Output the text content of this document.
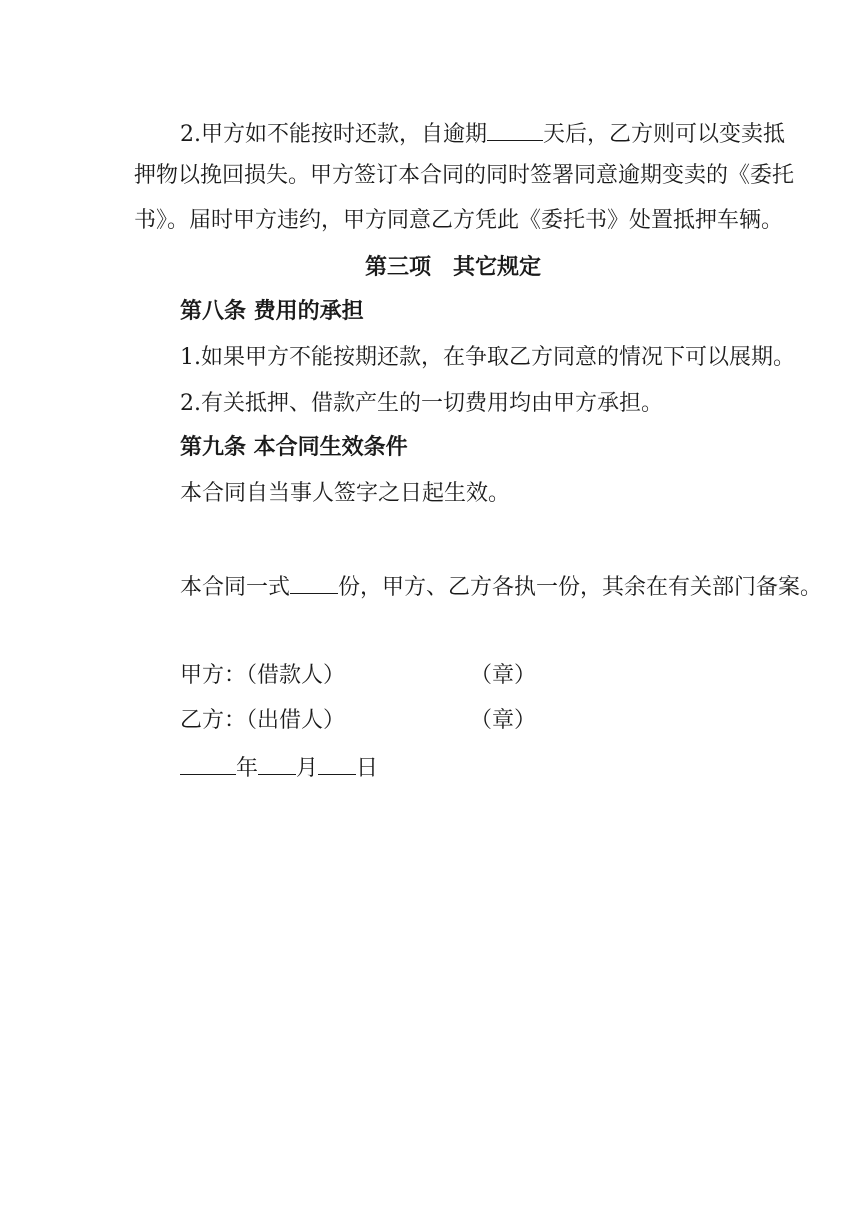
2.甲方如不能按时还款，自逾期	天后，乙方则可以变卖抵
押物以挽回损失。甲方签订本合同的同时签署同意逾期变卖的《委托
书》。届时甲方违约，甲方同意乙方凭此《委托书》处置抵押车辆。
第三项　其它规定
第八条 费用的承担
1.如果甲方不能按期还款，在争取乙方同意的情况下可以展期。
2.有关抵押、借款产生的一切费用均由甲方承担。
第九条 本合同生效条件
本合同自当事人签字之日起生效。
本合同一式 份，甲方、乙方各执一份，其余在有关部门备案。
甲方：（借款人）	（章）
乙方：（出借人）	（章）
年 月 日
